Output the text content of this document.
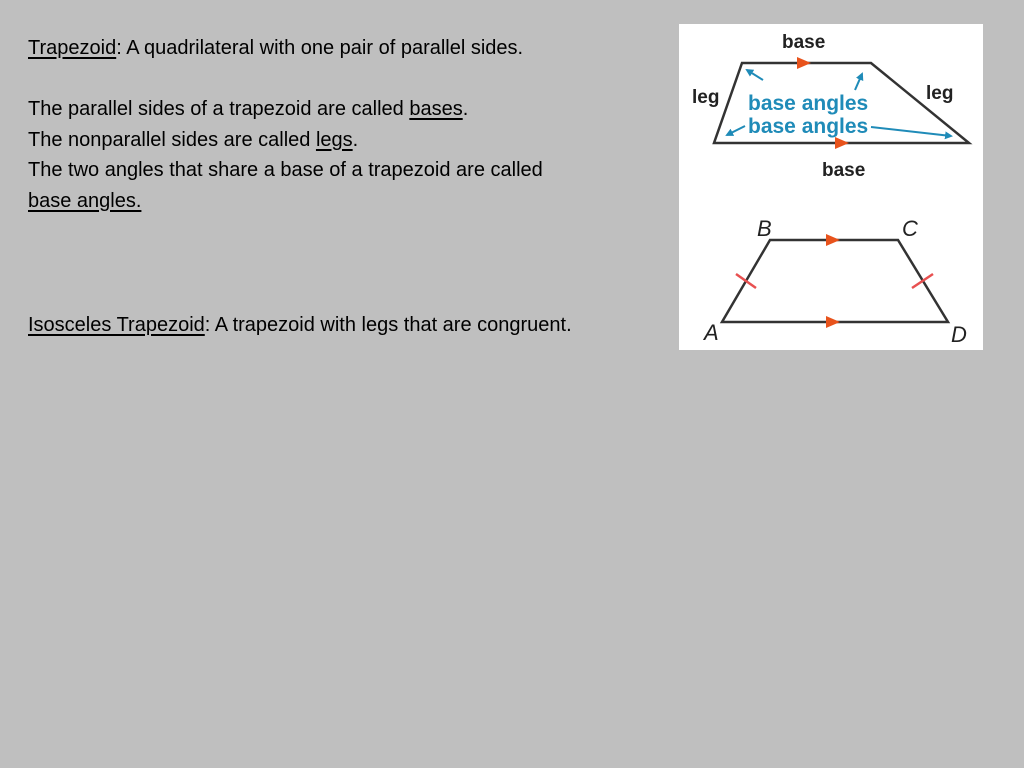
Trapezoid: A quadrilateral with one pair of parallel sides.

The parallel sides of a trapezoid are called bases.

The nonparallel sides are called legs.

The two angles that share a base of a trapezoid are called
base angles.

Isosceles Trapezoid: A trapezoid with legs that are congruent.

base
leg	leg
base
base angles
base angles
B	C
A	D
